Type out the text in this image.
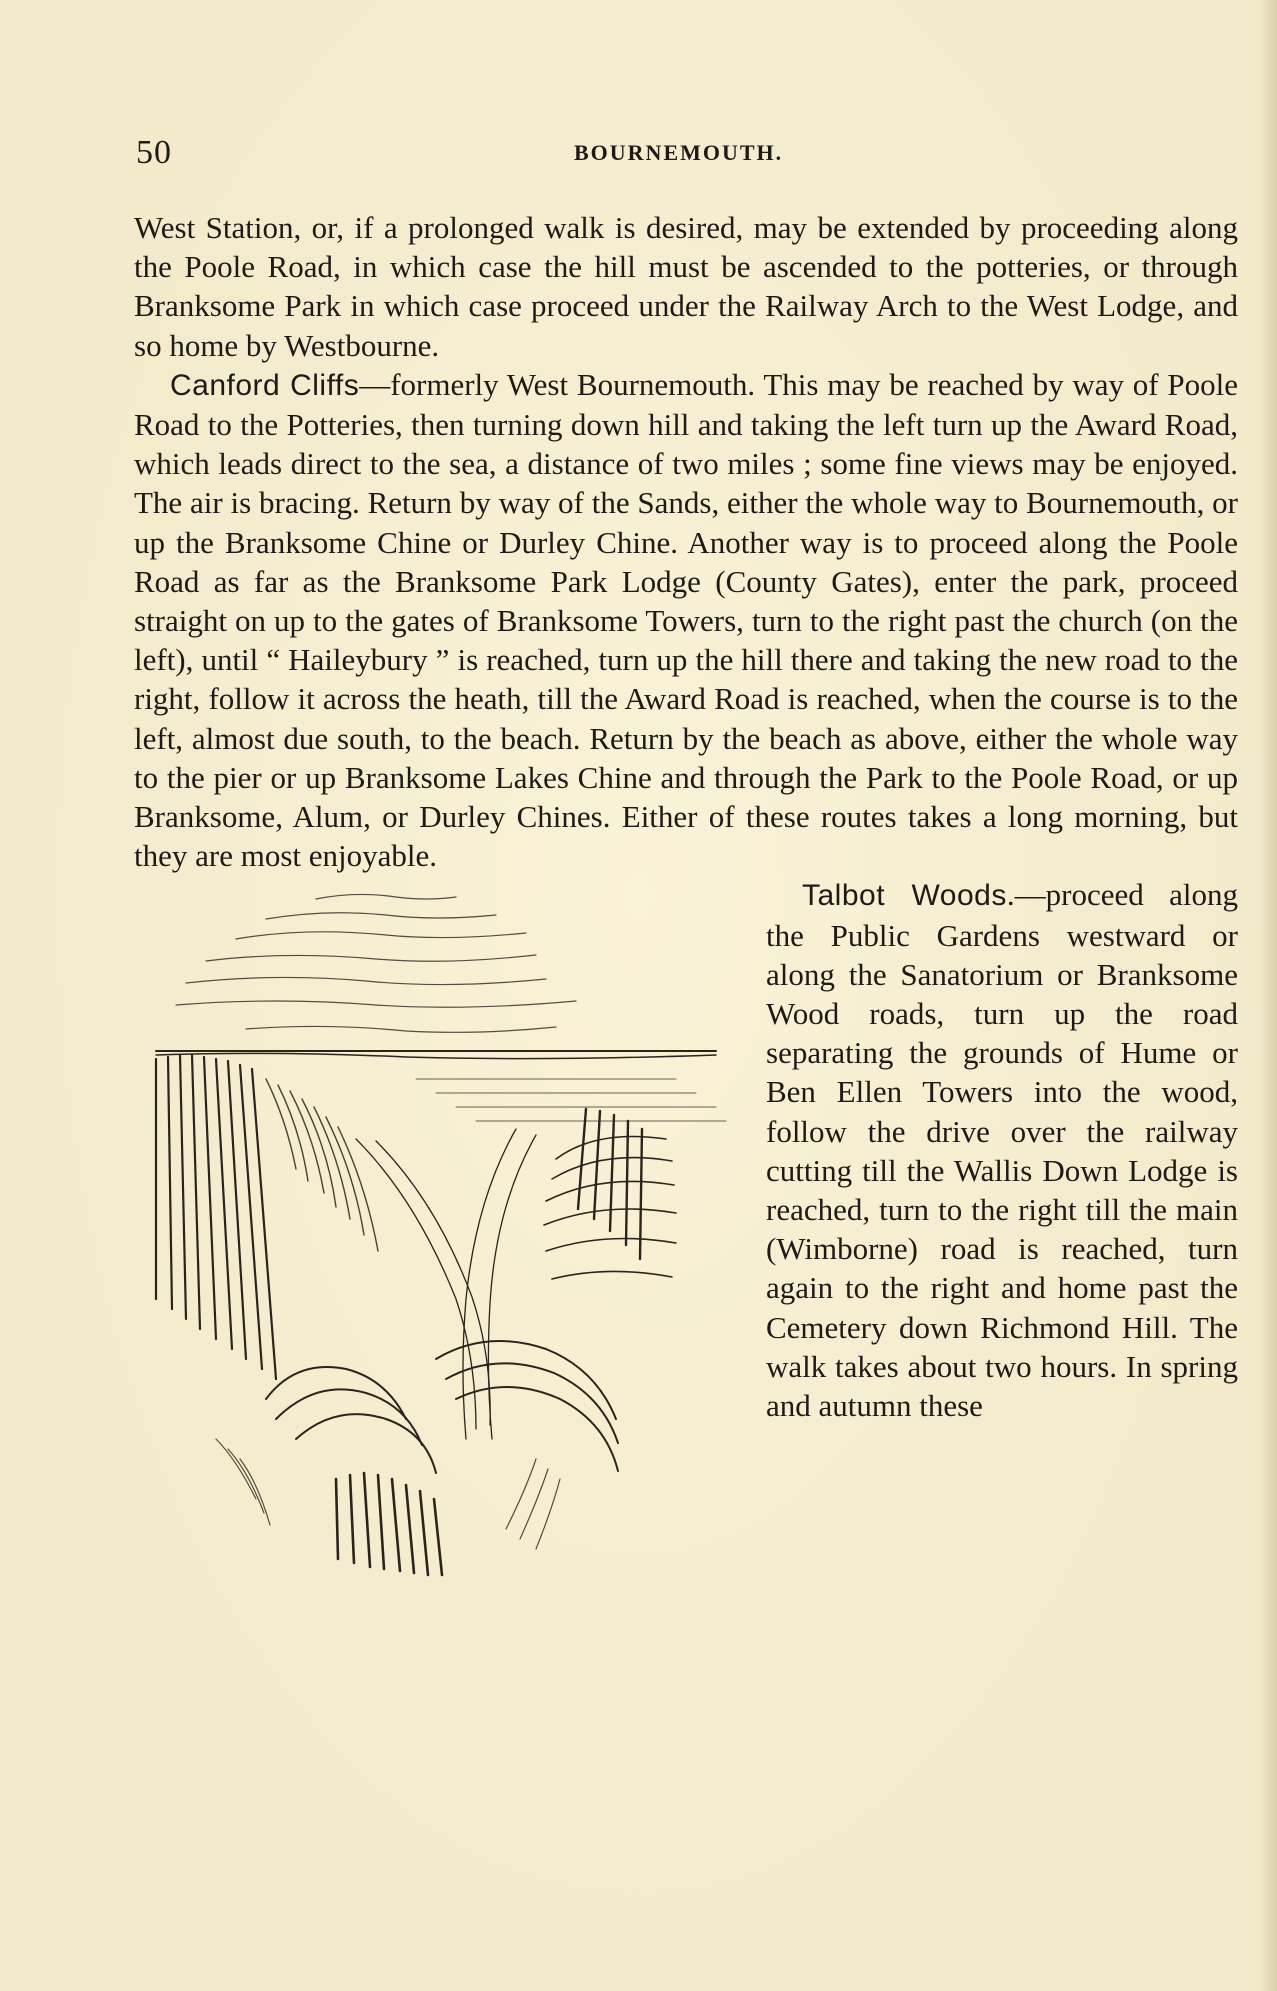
50	BOURNEMOUTH.

West Station, or, if a prolonged walk is desired, may be extended by proceeding along the Poole Road, in which case the hill must be ascended to the potteries, or through Branksome Park in which case proceed under the Railway Arch to the West Lodge, and so home by Westbourne.

Canford Cliffs—formerly West Bournemouth. This may be reached by way of Poole Road to the Potteries, then turning down hill and taking the left turn up the Award Road, which leads direct to the sea, a distance of two miles ; some fine views may be enjoyed. The air is bracing. Return by way of the Sands, either the whole way to Bournemouth, or up the Branksome Chine or Durley Chine. Another way is to proceed along the Poole Road as far as the Branksome Park Lodge (County Gates), enter the park, proceed straight on up to the gates of Branksome Towers, turn to the right past the church (on the left), until “ Haileybury ” is reached, turn up the hill there and taking the new road to the right, follow it across the heath, till the Award Road is reached, when the course is to the left, almost due south, to the beach. Return by the beach as above, either the whole way to the pier or up Branksome Lakes Chine and through the Park to the Poole Road, or up Branksome, Alum, or Durley Chines. Either of these routes takes a long morning, but they are most enjoyable.

Talbot Woods.—proceed along the Public Gardens westward or along the Sanatorium or Branksome Wood roads, turn up the road separating the grounds of Hume or Ben Ellen Towers into the wood, follow the drive over the railway cutting till the Wallis Down Lodge is reached, turn to the right till the main (Wimborne) road is reached, turn again to the right and home past the Cemetery down Richmond Hill. The walk takes about two hours. In spring and autumn these
